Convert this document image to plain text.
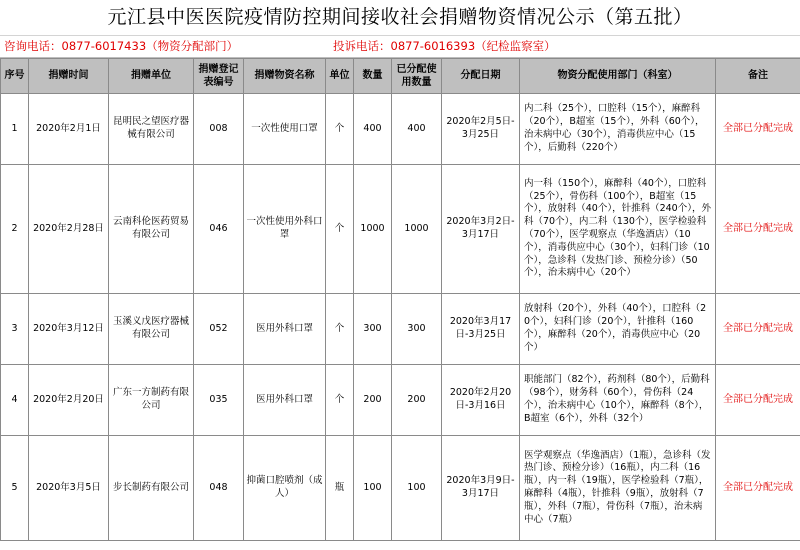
元江县中医医院疫情防控期间接收社会捐赠物资情况公示（第五批）
咨询电话：0877-6017433（物资分配部门）	投诉电话：0877-6016393（纪检监察室）
序号	捐赠时间	捐赠单位	捐赠登记表编号	捐赠物资名称	单位	数量	已分配使用数量	分配日期	物资分配使用部门（科室）	备注
1	2020年2月1日	昆明民之望医疗器械有限公司	008	一次性使用口罩	个	400	400	2020年2月5日-3月25日	内二科（25个），口腔科（15个），麻醉科（20个），B超室（15个），外科（60个），治未病中心（30个），消毒供应中心（15个），后勤科（220个）	全部已分配完成
2	2020年2月28日	云南科伦医药贸易有限公司	046	一次性使用外科口罩	个	1000	1000	2020年3月2日-3月17日	内一科（150个），麻醉科（40个），口腔科（25个），骨伤科（100个），B超室（15个），放射科（40个），针推科（240个），外科（70个），内二科（130个），医学检验科（70个），医学观察点（华逸酒店）（10个），消毒供应中心（30个），妇科门诊（10个），急诊科（发热门诊、预检分诊）（50个），治未病中心（20个）	全部已分配完成
3	2020年3月12日	玉溪义戊医疗器械有限公司	052	医用外科口罩	个	300	300	2020年3月17日-3月25日	放射科（20个），外科（40个），口腔科（20个），妇科门诊（20个），针推科（160个），麻醉科（20个），消毒供应中心（20个）	全部已分配完成
4	2020年2月20日	广东一方制药有限公司	035	医用外科口罩	个	200	200	2020年2月20日-3月16日	职能部门（82个），药剂科（80个），后勤科（98个），财务科（60个），骨伤科（24个），治未病中心（10个），麻醉科（8个），B超室（6个），外科（32个）	全部已分配完成
5	2020年3月5日	步长制药有限公司	048	抑菌口腔喷剂（成人）	瓶	100	100	2020年3月9日-3月17日	医学观察点（华逸酒店）（1瓶），急诊科（发热门诊、预检分诊）（16瓶），内二科（16瓶），内一科（19瓶），医学检验科（7瓶），麻醉科（4瓶），针推科（9瓶），放射科（7瓶），外科（7瓶），骨伤科（7瓶），治未病中心（7瓶）	全部已分配完成
